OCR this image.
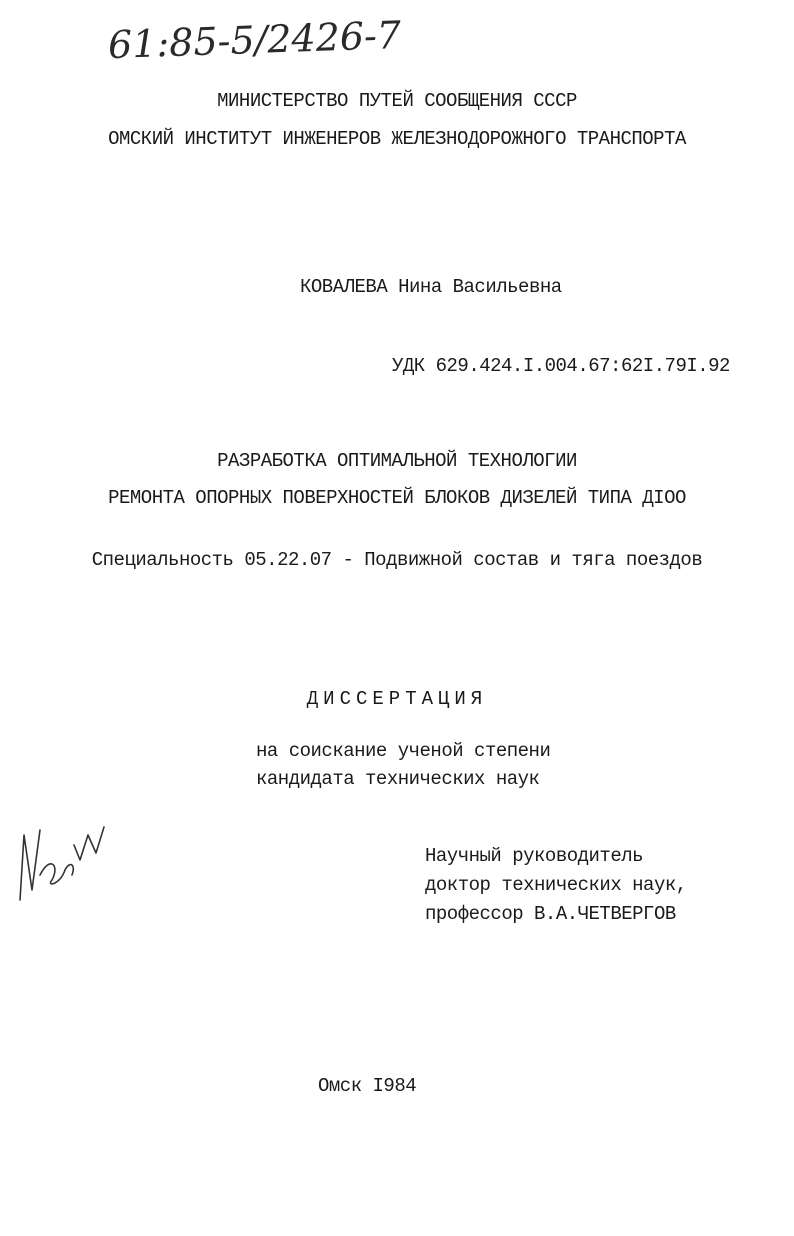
61:85-5/2426-7
МИНИСТЕРСТВО ПУТЕЙ СООБЩЕНИЯ СССР
ОМСКИЙ ИНСТИТУТ ИНЖЕНЕРОВ ЖЕЛЕЗНОДОРОЖНОГО ТРАНСПОРТА
КОВАЛЕВА Нина Васильевна
УДК 629.424.I.004.67:62I.79I.92
РАЗРАБОТКА ОПТИМАЛЬНОЙ ТЕХНОЛОГИИ
РЕМОНТА ОПОРНЫХ ПОВЕРХНОСТЕЙ БЛОКОВ ДИЗЕЛЕЙ ТИПА ДIОО
Специальность 05.22.07 - Подвижной состав и тяга поездов
ДИССЕРТАЦИЯ
на соискание ученой степени
кандидата технических наук
Научный руководитель
доктор технических наук,
профессор В.А.ЧЕТВЕРГОВ
Омск I984
